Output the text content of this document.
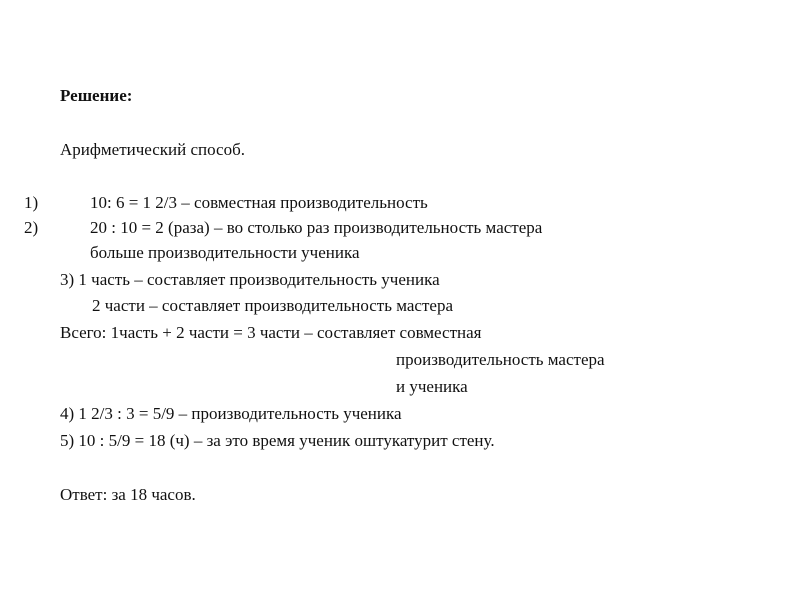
Решение:
Арифметический способ.
1)	10: 6 = 1 2/3 – совместная производительность
2)	20 : 10 = 2 (раза) – во столько раз производительность мастера
больше производительности ученика
3) 1 часть – составляет производительность ученика
2 части – составляет производительность мастера
Всего: 1часть + 2 части = 3 части – составляет совместная
производительность мастера
и ученика
4) 1 2/3 : 3 = 5/9 – производительность ученика
5) 10 : 5/9 = 18 (ч) – за это время ученик оштукатурит стену.
Ответ: за 18 часов.
